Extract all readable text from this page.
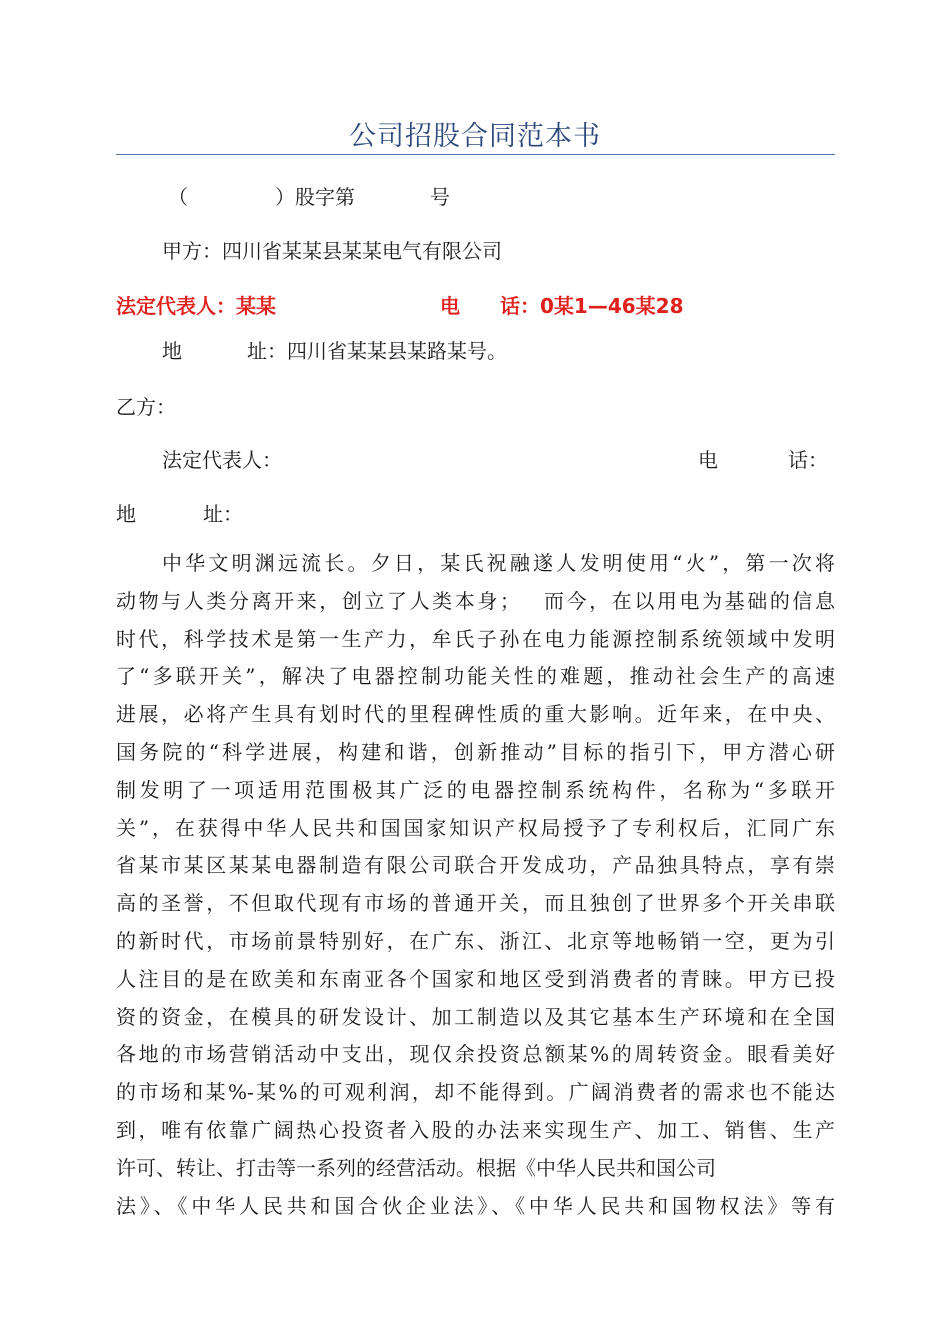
公司招股合同范本书
（	）股字第	号
甲方：四川省某某县某某电气有限公司
法定代表人：某某	电　　话：0某1—46某28
地	址：四川省某某县某路某号。
乙方：
法定代表人：	电	话：
地	址：
中华文明渊远流长。夕日，某氏祝融遂人发明使用“火”，第一次将
动物与人类分离开来，创立了人类本身；　 而今，在以用电为基础的信息
时代，科学技术是第一生产力，牟氏子孙在电力能源控制系统领域中发明
了“多联开关”，解决了电器控制功能关性的难题，推动社会生产的高速
进展，必将产生具有划时代的里程碑性质的重大影响。近年来，在中央、
国务院的“科学进展，构建和谐，创新推动”目标的指引下，甲方潜心研
制发明了一项适用范围极其广泛的电器控制系统构件，名称为“多联开
关”，在获得中华人民共和国国家知识产权局授予了专利权后，汇同广东
省某市某区某某电器制造有限公司联合开发成功，产品独具特点，享有崇
高的圣誉，不但取代现有市场的普通开关，而且独创了世界多个开关串联
的新时代，市场前景特别好，在广东、浙江、北京等地畅销一空，更为引
人注目的是在欧美和东南亚各个国家和地区受到消费者的青睐。甲方已投
资的资金，在模具的研发设计、加工制造以及其它基本生产环境和在全国
各地的市场营销活动中支出，现仅余投资总额某%的周转资金。眼看美好
的市场和某%-某%的可观利润，却不能得到。广阔消费者的需求也不能达
到，唯有依靠广阔热心投资者入股的办法来实现生产、加工、销售、生产
许可、转让、打击等一系列的经营活动。根据《中华人民共和国公司
法》、《中华人民共和国合伙企业法》、《中华人民共和国物权法》等有
